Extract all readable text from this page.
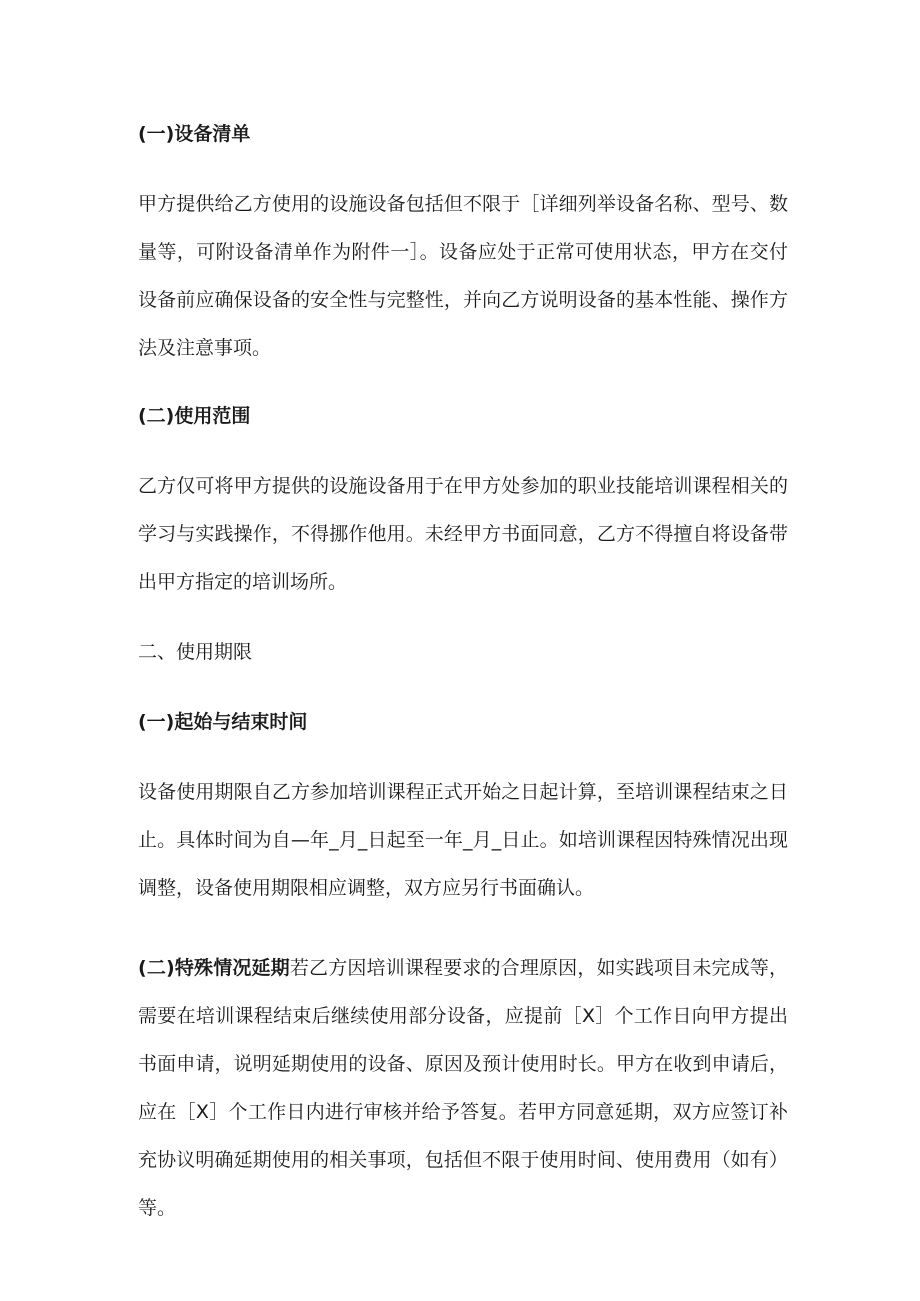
(一)设备清单
甲方提供给乙方使用的设施设备包括但不限于［详细列举设备名称、型号、数量等，可附设备清单作为附件一］。设备应处于正常可使用状态，甲方在交付设备前应确保设备的安全性与完整性，并向乙方说明设备的基本性能、操作方法及注意事项。
(二)使用范围
乙方仅可将甲方提供的设施设备用于在甲方处参加的职业技能培训课程相关的学习与实践操作，不得挪作他用。未经甲方书面同意，乙方不得擅自将设备带出甲方指定的培训场所。
二、使用期限
(一)起始与结束时间
设备使用期限自乙方参加培训课程正式开始之日起计算，至培训课程结束之日止。具体时间为自—年_月_日起至一年_月_日止。如培训课程因特殊情况出现调整，设备使用期限相应调整，双方应另行书面确认。
(二)特殊情况延期若乙方因培训课程要求的合理原因，如实践项目未完成等，需要在培训课程结束后继续使用部分设备，应提前［X］个工作日向甲方提出书面申请，说明延期使用的设备、原因及预计使用时长。甲方在收到申请后，应在［X］个工作日内进行审核并给予答复。若甲方同意延期，双方应签订补充协议明确延期使用的相关事项，包括但不限于使用时间、使用费用（如有）等。
